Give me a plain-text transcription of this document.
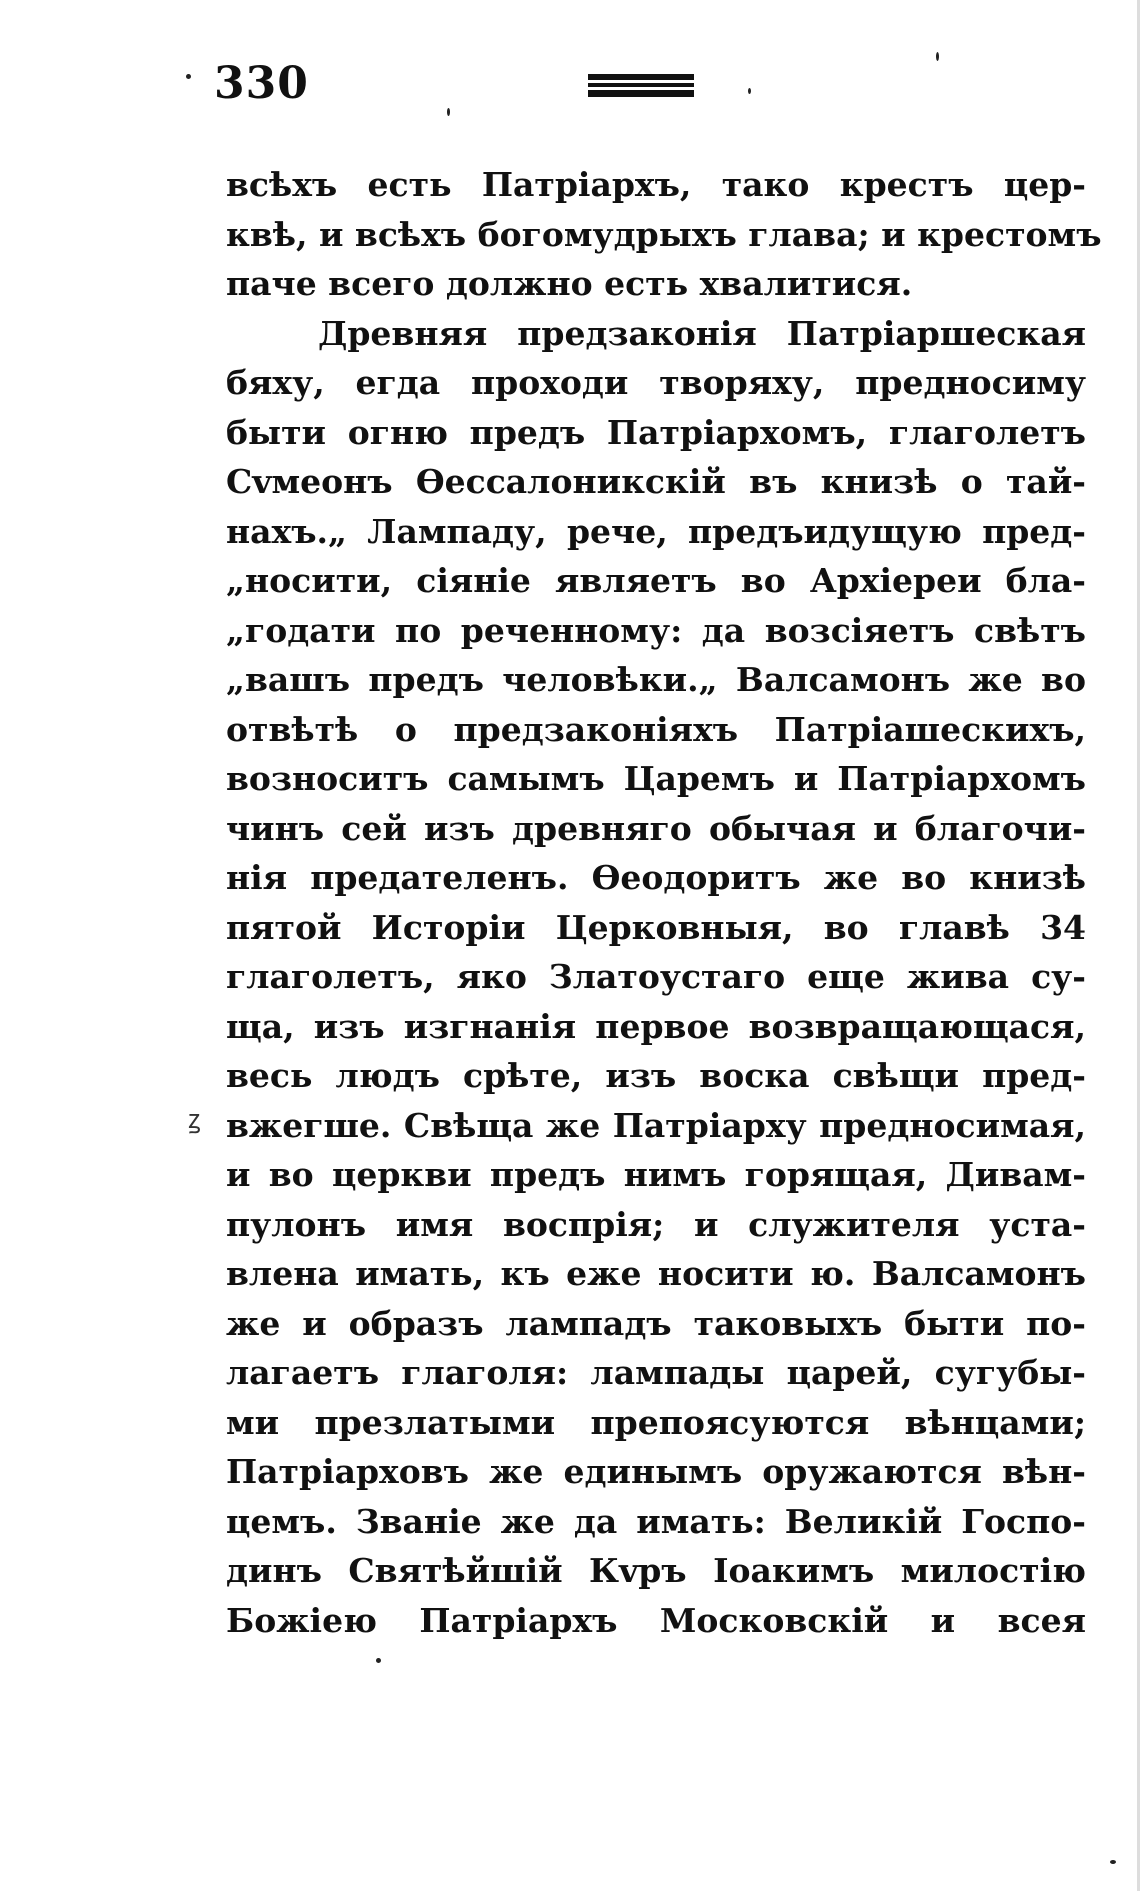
330
всѣхъ есть Патріархъ, тако крестъ цер-
квѣ, и всѣхъ богомудрыхъ глава; и крестомъ
паче всего должно есть хвалитися.
Древняя предзаконія Патріаршеская
бяху, егда проходи творяху, предносиму
быти огню предъ Патріархомъ, глаголетъ
Сvмеонъ Ѳессалоникскій въ книзѣ о тай-
нахъ.„ Лампаду, рече, предъидущую пред-
„носити, сіяніе являетъ во Архіереи бла-
„годати по реченному: да возсіяетъ свѣтъ
„вашъ предъ человѣки.„ Валсамонъ же во
отвѣтѣ о предзаконіяхъ Патріашескихъ,
возноситъ самымъ Царемъ и Патріархомъ
чинъ сей изъ древняго обычая и благочи-
нія предателенъ. Ѳеодоритъ же во книзѣ
пятой Исторіи Церковныя, во главѣ 34
глаголетъ, яко Златоустаго еще жива су-
ща, изъ изгнанія первое возвращающася,
весь людъ срѣте, изъ воска свѣщи пред-
вжегше. Свѣща же Патріарху предносимая,
и во церкви предъ нимъ горящая, Дивам-
пулонъ имя воспрія; и служителя уста-
влена имать, къ еже носити ю. Валсамонъ
же и образъ лампадъ таковыхъ быти по-
лагаетъ глаголя: лампады царей, сугубы-
ми презлатыми препоясуются вѣнцами;
Патріарховъ же единымъ оружаются вѣн-
цемъ. Званіе же да имать: Великій Госпо-
динъ Святѣйшій Кvръ Іоакимъ милостію
Божіею Патріархъ Московскій и всея
ꙁ
